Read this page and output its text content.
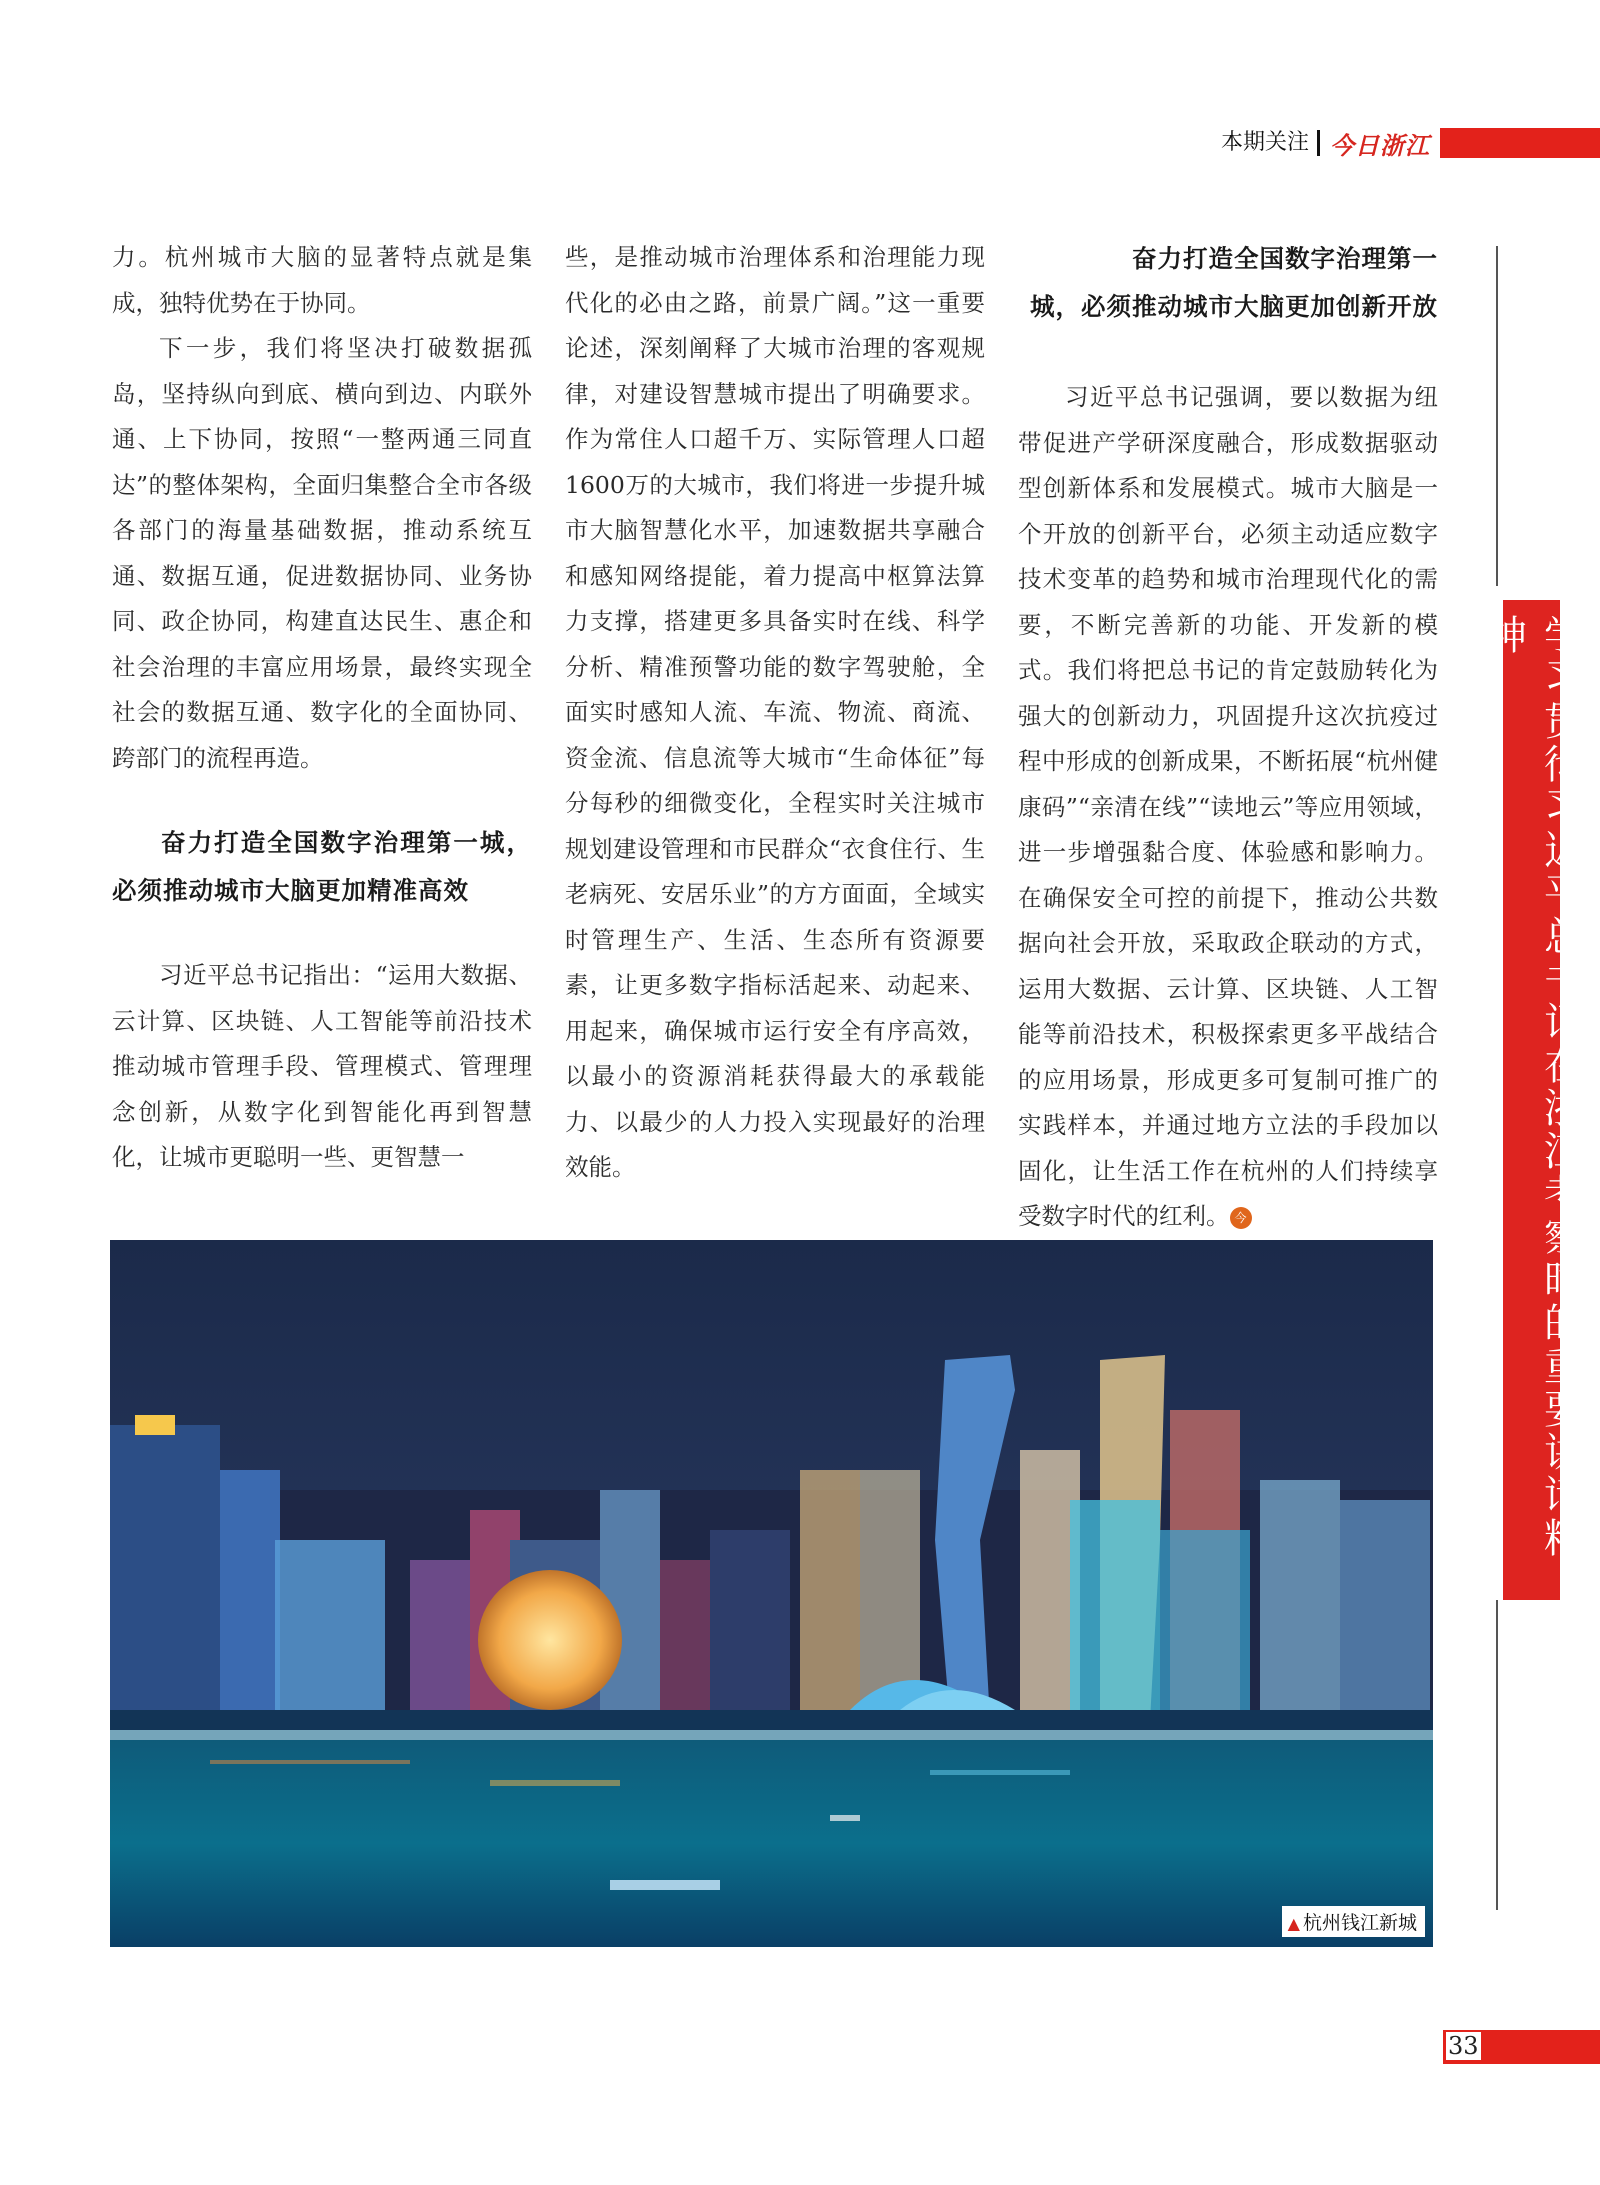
本期关注 今日浙江

力。杭州城市大脑的显著特点就是集成，独特优势在于协同。

下一步，我们将坚决打破数据孤岛，坚持纵向到底、横向到边、内联外通、上下协同，按照“一整两通三同直达”的整体架构，全面归集整合全市各级各部门的海量基础数据，推动系统互通、数据互通，促进数据协同、业务协同、政企协同，构建直达民生、惠企和社会治理的丰富应用场景，最终实现全社会的数据互通、数字化的全面协同、跨部门的流程再造。

奋力打造全国数字治理第一城，必须推动城市大脑更加精准高效

习近平总书记指出：“运用大数据、云计算、区块链、人工智能等前沿技术推动城市管理手段、管理模式、管理理念创新，从数字化到智能化再到智慧化，让城市更聪明一些、更智慧一

些，是推动城市治理体系和治理能力现代化的必由之路，前景广阔。”这一重要论述，深刻阐释了大城市治理的客观规律，对建设智慧城市提出了明确要求。作为常住人口超千万、实际管理人口超1600万的大城市，我们将进一步提升城市大脑智慧化水平，加速数据共享融合和感知网络提能，着力提高中枢算法算力支撑，搭建更多具备实时在线、科学分析、精准预警功能的数字驾驶舱，全面实时感知人流、车流、物流、商流、资金流、信息流等大城市“生命体征”每分每秒的细微变化，全程实时关注城市规划建设管理和市民群众“衣食住行、生老病死、安居乐业”的方方面面，全域实时管理生产、生活、生态所有资源要素，让更多数字指标活起来、动起来、用起来，确保城市运行安全有序高效，以最小的资源消耗获得最大的承载能力、以最少的人力投入实现最好的治理效能。

奋力打造全国数字治理第一
城，必须推动城市大脑更加创新开放

习近平总书记强调，要以数据为纽带促进产学研深度融合，形成数据驱动型创新体系和发展模式。城市大脑是一个开放的创新平台，必须主动适应数字技术变革的趋势和城市治理现代化的需要，不断完善新的功能、开发新的模式。我们将把总书记的肯定鼓励转化为强大的创新动力，巩固提升这次抗疫过程中形成的创新成果，不断拓展“杭州健康码”“亲清在线”“读地云”等应用领域，进一步增强黏合度、体验感和影响力。在确保安全可控的前提下，推动公共数据向社会开放，采取政企联动的方式，运用大数据、云计算、区块链、人工智能等前沿技术，积极探索更多平战结合的应用场景，形成更多可复制可推广的实践样本，并通过地方立法的手段加以固化，让生活工作在杭州的人们持续享受数字时代的红利。 今	学习贯彻习近平总书记在浙江考察时的重要讲话精神
▲ 杭州钱江新城
33
